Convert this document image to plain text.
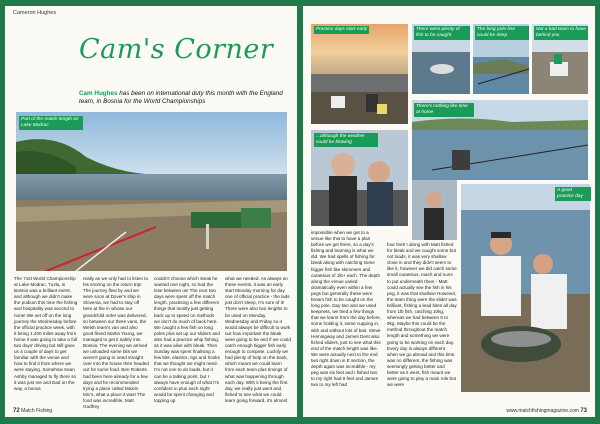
Cameron Hughes
Cam's Corner
Cam Hughes has been on international duty this month with the England team, in Bosnia for the World Championships
Part of the match length on Lake Modrac

The 71st World Championship at Lake Modrac, Tuzla, in Bosnia was a brilliant event, and although we didn't make the podium this time the fishing and hospitality was second to none! We set off on the long journey the Wednesday before the official practice week, with it being 1,400 miles away from home it was going to take a full two days' driving but still gave us a couple of days to get familiar with the venue and how to find it from where we were staying. Somehow Sean Ashby managed to fly there so it was just me and Dad on the way, a bonus

really as we only had to listen to his snoring on the return trip! The journey flew by and we were soon at Dover's ship in Slovenia, we had to stay off here at the in whose our grandchild order was delivered, so between our three vans, the Welsh team's van and also good friend Martin Young, we managed to get it safely into Bosnia. The evening we arrived we unloaded some bits we weren't going to need straight over into the house then headed out for some food. Ben Roberts had been here already for a few days and he recommended trying a place called Maxim Mic's, what a place it was! The food was incredible, Matt Godfrey

couldn't choose which steak he wanted one night, so had the lose between us! The next two days were spent off the match length, practising a few different things that mostly just getting back up to speed on methods we don't do much of back here. We caught a few fish on long poles plus set up our sliders and also had a practice whip fishing, as it was alive with bleak. Then Sunday was spent finalising a few bits, elastics, rigs and hooks that we thought we might need. I'm not one to do loads, but it can be a talking point, but I always have enough of what I'm confident in plus each night would be spent changing and topping up

what we needed. As always on these events, it was an early start Monday morning for day one of official practice - the lads just don't sleep, I'm sure of it! There were also two lengths to be used on Monday, Wednesday and Friday so it would always be difficult to work out how important the bleak were going to be and if we could catch enough bigger fish early enough to compete. Luckily we had plenty of help on the bank, which meant we could learn from each team plus timings of what was happening through each day. With it being the first day, we really just went and fished to see what we could learn going forward, it's almost

72 Match Fishing
Practice days start early	There were plenty of fish to be caught
The long pole line could be deep
Not a bad team to have behind you
There's nothing like time at home
...although the weather could be blowing
A good practice day

impossible when we get to a venue like this to have a plan before we get there, so a day's fishing and learning is what we did. We had spells of fishing for bleak along with catching some bigger fish like skimmers and carassius of 1lb+ each. The depth along the venue varied dramatically even within a few pegs but generally these were bream fish to be caught on the long pole. Day two and we used keepnets, we tried a few things that we learnt from the day before, some holding it, some cupping in, with and without lots of bait. Steve Hemingway and James Dent also fished sliders, just to see what this end of the match length was like. We were actually next to the end two right down in E section, the depth again was incredible - my peg was six feet and I fished two to my right had 9 feet and James two to my left had

four feet! I along with Matt fished for bleak and we caught some but not loads, it was very shallow close in and they didn't seem to like it, however we did catch some small carassius, roach and nuns to put underneath them - Matt could actually see the fish in his peg, it was that shallow! However, the team thing were the slider was brilliant, fishing a lead bites all day from 1lb fish, catching 10kg, whereas we had between 6 to 9kg. Maybe this could be the method throughout the match length and something we were going to be working on each day. Every day is always different when we go abroad and this time was no different, the fishing was seemingly getting better and better as it went, fish meant we were going to play a main role but we were

www.matchfishingmagazine.com 73
